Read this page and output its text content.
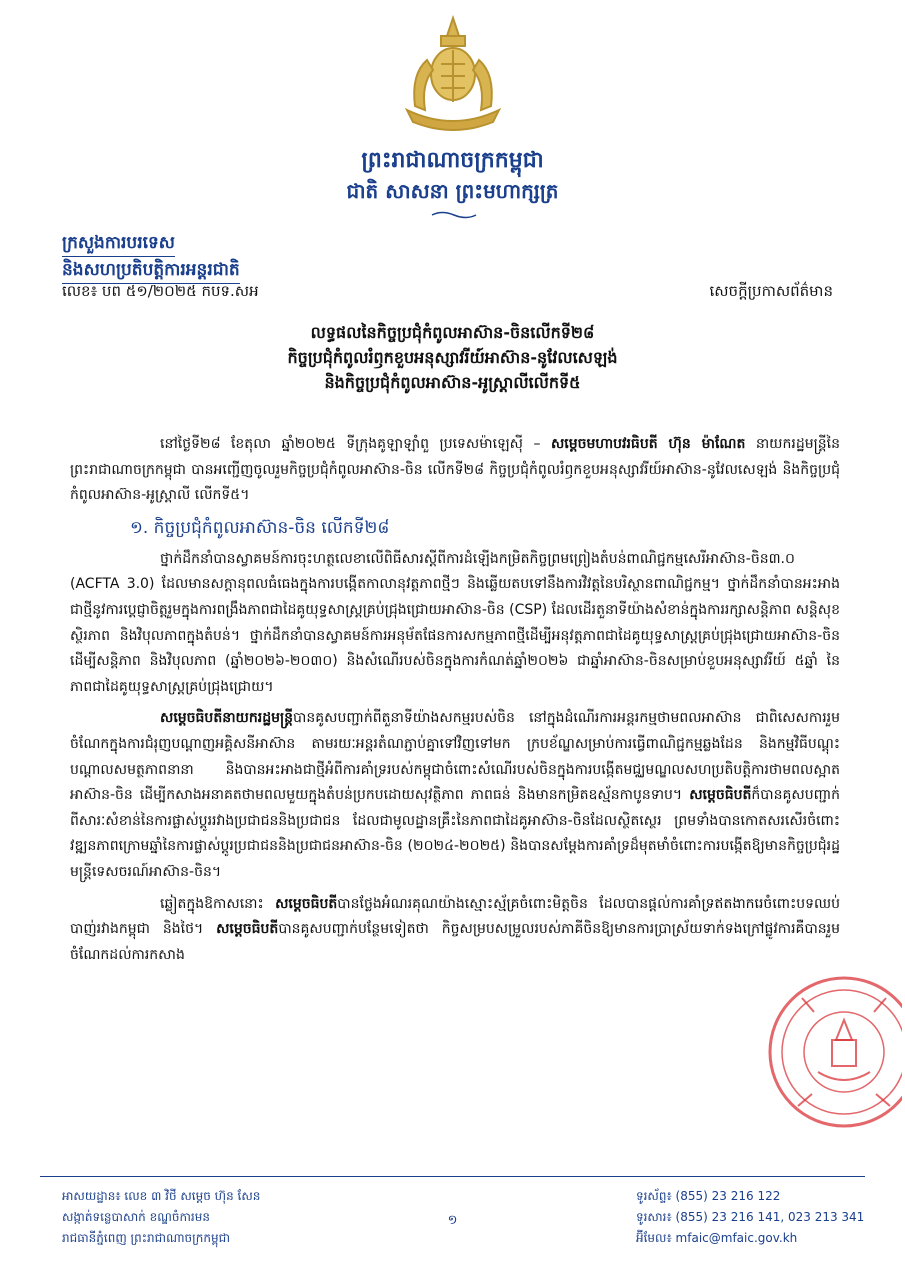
ព្រះរាជាណាចក្រកម្ពុជា
ជាតិ សាសនា ព្រះមហាក្សត្រ
ក្រសួងការបរទេស
និងសហប្រតិបត្តិការអន្តរជាតិ
លេខ៖ បព ៥១/២០២៥ កបទ.សអ	សេចក្តីប្រកាសព័ត៌មាន
លទ្ធផលនៃកិច្ចប្រជុំកំពូលអាស៊ាន-ចិនលើកទី២៨
កិច្ចប្រជុំកំពូលរំឭកខួបអនុស្សាវរីយ៍អាស៊ាន-នូវែលសេឡង់
និងកិច្ចប្រជុំកំពូលអាស៊ាន-អូស្ត្រាលីលើកទី៥

នៅថ្ងៃទី២៨ ខែតុលា ឆ្នាំ២០២៥ ទីក្រុងគូឡាឡាំពួ ប្រទេសម៉ាឡេស៊ី – សម្តេចមហាបវរធិបតី ហ៊ុន ម៉ាណែត នាយករដ្ឋមន្ត្រីនៃព្រះរាជាណាចក្រកម្ពុជា បានអញ្ជើញចូលរួមកិច្ចប្រជុំកំពូលអាស៊ាន-ចិន លើកទី២៨ កិច្ចប្រជុំកំពូលរំឭកខួបអនុស្សាវរីយ៍អាស៊ាន-នូវែលសេឡង់ និងកិច្ចប្រជុំកំពូលអាស៊ាន-អូស្ត្រាលី លើកទី៥។

១. កិច្ចប្រជុំកំពូលអាស៊ាន-ចិន លើកទី២៨

ថ្នាក់ដឹកនាំបានស្វាគមន៍ការចុះហត្ថលេខាលើពិធីសារស្តីពីការដំឡើងកម្រិតកិច្ចព្រមព្រៀងតំបន់ពាណិជ្ជកម្មសេរីអាស៊ាន-ចិន៣.០ (ACFTA 3.0) ដែលមានសក្តានុពលធំធេងក្នុងការបង្កើតកាលានុវត្តភាពថ្មីៗ និងឆ្លើយតបទៅនឹងការវិវត្តនៃបរិស្ថានពាណិជ្ជកម្ម។ ថ្នាក់ដឹកនាំបានអះអាងជាថ្មីនូវការប្តេជ្ញាចិត្តរួមក្នុងការពង្រឹងភាពជាដៃគូយុទ្ធសាស្ត្រគ្រប់ជ្រុងជ្រោយអាស៊ាន-ចិន (CSP) ដែលដើរតួនាទីយ៉ាងសំខាន់ក្នុងការរក្សាសន្តិភាព សន្តិសុខ ស្ថិរភាព និងវិបុលភាពក្នុងតំបន់។ ថ្នាក់ដឹកនាំបានស្វាគមន៍ការអនុម័តផែនការសកម្មភាពថ្មីដើម្បីអនុវត្តភាពជាដៃគូយុទ្ធសាស្ត្រគ្រប់ជ្រុងជ្រោយអាស៊ាន-ចិន ដើម្បីសន្តិភាព និងវិបុលភាព (ឆ្នាំ២០២៦-២០៣០) និងសំណើរបស់ចិនក្នុងការកំណត់ឆ្នាំ២០២៦ ជាឆ្នាំអាស៊ាន-ចិនសម្រាប់ខួបអនុស្សាវរីយ៍ ៥ឆ្នាំ នៃភាពជាដៃគូយុទ្ធសាស្ត្រគ្រប់ជ្រុងជ្រោយ។

សម្តេចធិបតីនាយករដ្ឋមន្ត្រីបានគូសបញ្ជាក់ពីតួនាទីយ៉ាងសកម្មរបស់ចិន នៅក្នុងដំណើរការអន្តរកម្មថាមពលអាស៊ាន ជាពិសេសការរួមចំណែកក្នុងការជំរុញបណ្តាញអគ្គិសនីអាស៊ាន តាមរយៈអន្តរតំណភ្ជាប់គ្នាទៅវិញទៅមក ក្របខ័ណ្ឌសម្រាប់ការធ្វើពាណិជ្ជកម្មឆ្លងដែន និងកម្មវិធីបណ្តុះបណ្តាលសមត្ថភាពនានា និងបានអះអាងជាថ្មីអំពីការគាំទ្ររបស់កម្ពុជាចំពោះសំណើរបស់ចិនក្នុងការបង្កើតមជ្ឈមណ្ឌលសហប្រតិបត្តិការថាមពលស្អាតអាស៊ាន-ចិន ដើម្បីកសាងអនាគតថាមពលមួយក្នុងតំបន់ប្រកបដោយសុវត្ថិភាព ភាពធន់ និងមានកម្រិតឧស្ម័នកាបូនទាប។ សម្តេចធិបតីក៏បានគូសបញ្ជាក់ពីសារៈសំខាន់នៃការផ្លាស់ប្តូររវាងប្រជាជននិងប្រជាជន ដែលជាមូលដ្ឋានគ្រឹះនៃភាពជាដៃគូអាស៊ាន-ចិនដែលស្ថិតស្ថេរ ព្រមទាំងបានកោតសរសើរចំពោះវឌ្ឍនភាពក្រោមឆ្នាំនៃការផ្លាស់ប្តូរប្រជាជននិងប្រជាជនអាស៊ាន-ចិន (២០២៤-២០២៥) និងបានសម្តែងការគាំទ្រដ៏មុតមាំចំពោះការបង្កើតឱ្យមានកិច្ចប្រជុំរដ្ឋមន្ត្រីទេសចរណ៍អាស៊ាន-ចិន។

ឆ្លៀតក្នុងឱកាសនោះ សម្តេចធិបតីបានថ្លែងអំណរគុណយ៉ាងស្មោះស្ម័គ្រចំពោះមិត្តចិន ដែលបានផ្តល់ការគាំទ្រឥតងាករេចំពោះបទឈប់បាញ់រវាងកម្ពុជា និងថៃ។ សម្តេចធិបតីបានគូសបញ្ជាក់បន្ថែមទៀតថា កិច្ចសម្របសម្រួលរបស់ភាគីចិនឱ្យមានការប្រាស្រ័យទាក់ទងក្រៅផ្លូវការគឺបានរួមចំណែកដល់ការកសាង

អាសយដ្ឋាន៖ លេខ ៣ វិថី សម្តេច ហ៊ុន សែន
សង្កាត់ទន្លេបាសាក់ ខណ្ឌចំការមន
រាជធានីភ្នំពេញ ព្រះរាជាណាចក្រកម្ពុជា
១
ទូរស័ព្ទ៖ (855) 23 216 122
ទូរសារ៖ (855) 23 216 141, 023 213 341
អ៊ីមែល៖ mfaic@mfaic.gov.kh
